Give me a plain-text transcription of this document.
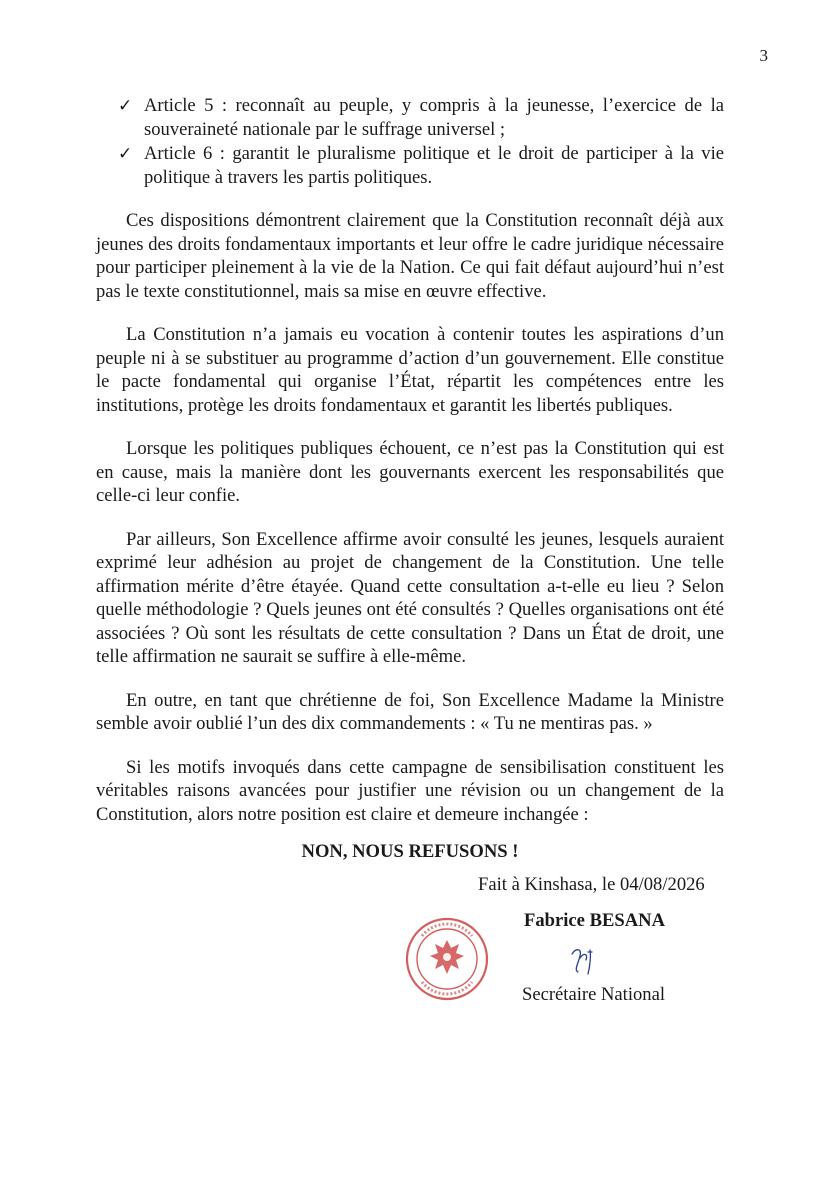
3
✓ Article 5 : reconnaît au peuple, y compris à la jeunesse, l’exercice de la souveraineté nationale par le suffrage universel ;
✓ Article 6 : garantit le pluralisme politique et le droit de participer à la vie politique à travers les partis politiques.

Ces dispositions démontrent clairement que la Constitution reconnaît déjà aux jeunes des droits fondamentaux importants et leur offre le cadre juridique nécessaire pour participer pleinement à la vie de la Nation. Ce qui fait défaut aujourd’hui n’est pas le texte constitutionnel, mais sa mise en œuvre effective.

La Constitution n’a jamais eu vocation à contenir toutes les aspirations d’un peuple ni à se substituer au programme d’action d’un gouvernement. Elle constitue le pacte fondamental qui organise l’État, répartit les compétences entre les institutions, protège les droits fondamentaux et garantit les libertés publiques.

Lorsque les politiques publiques échouent, ce n’est pas la Constitution qui est en cause, mais la manière dont les gouvernants exercent les responsabilités que celle-ci leur confie.

Par ailleurs, Son Excellence affirme avoir consulté les jeunes, lesquels auraient exprimé leur adhésion au projet de changement de la Constitution. Une telle affirmation mérite d’être étayée. Quand cette consultation a-t-elle eu lieu ? Selon quelle méthodologie ? Quels jeunes ont été consultés ? Quelles organisations ont été associées ? Où sont les résultats de cette consultation ? Dans un État de droit, une telle affirmation ne saurait se suffire à elle-même.

En outre, en tant que chrétienne de foi, Son Excellence Madame la Ministre semble avoir oublié l’un des dix commandements : « Tu ne mentiras pas. »

Si les motifs invoqués dans cette campagne de sensibilisation constituent les véritables raisons avancées pour justifier une révision ou un changement de la Constitution, alors notre position est claire et demeure inchangée :

NON, NOUS REFUSONS !
Fait à Kinshasa, le 04/08/2026
Fabrice BESANA
Secrétaire National
